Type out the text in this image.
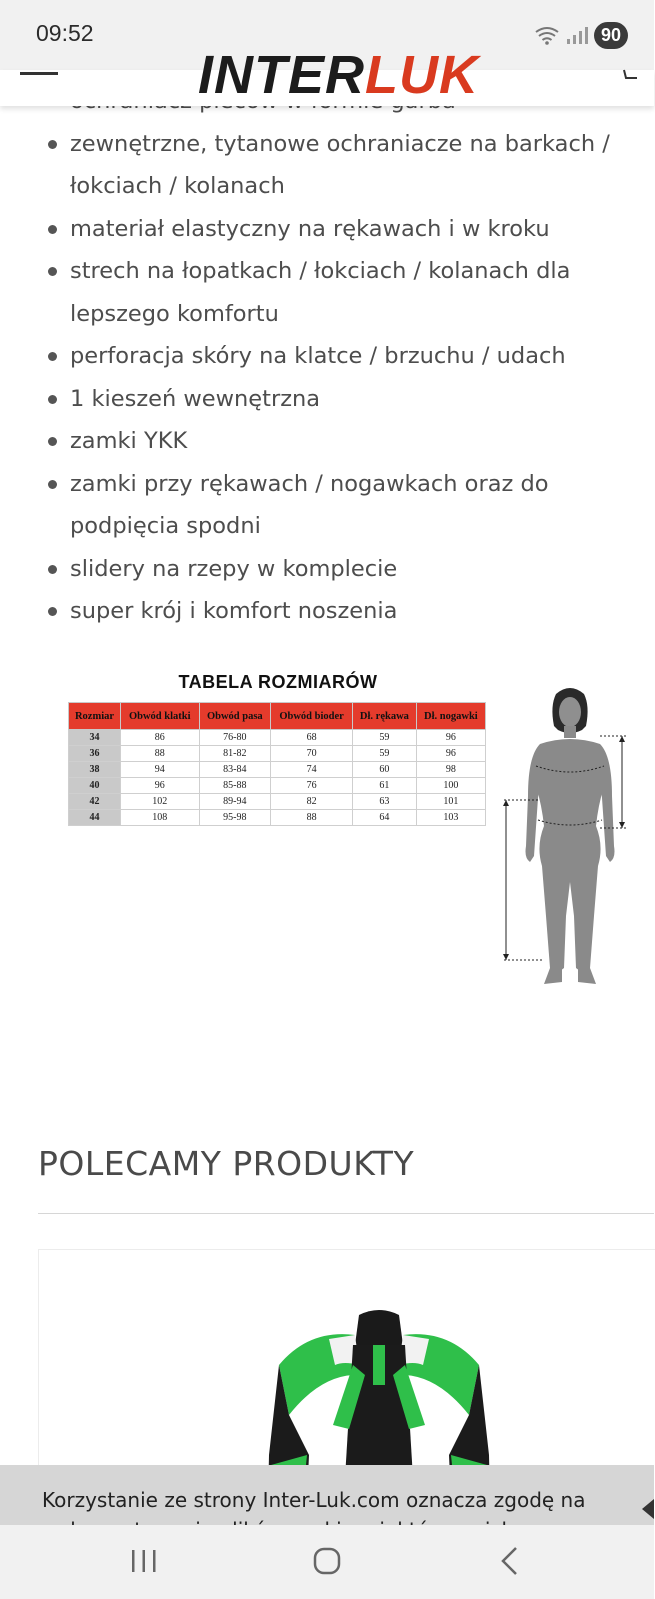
09:52	90
INTERLUK
zewnętrzne, tytanowe ochraniacze na barkach / łokciach / kolanach
materiał elastyczny na rękawach i w kroku
strech na łopatkach / łokciach / kolanach dla lepszego komfortu
perforacja skóry na klatce / brzuchu / udach
1 kieszeń wewnętrzna
zamki YKK
zamki przy rękawach / nogawkach oraz do podpięcia spodni
slidery na rzepy w komplecie
super krój i komfort noszenia
TABELA ROZMIARÓW
Rozmiar	Obwód klatki	Obwód pasa	Obwód bioder	Dł. rękawa	Dł. nogawki
34	86	76-80	68	59	96
36	88	81-82	70	59	96
38	94	83-84	74	60	98
40	96	85-88	76	61	100
42	102	89-94	82	63	101
44	108	95-98	88	64	103
POLECAMY PRODUKTY
Korzystanie ze strony Inter-Luk.com oznacza zgodę na
